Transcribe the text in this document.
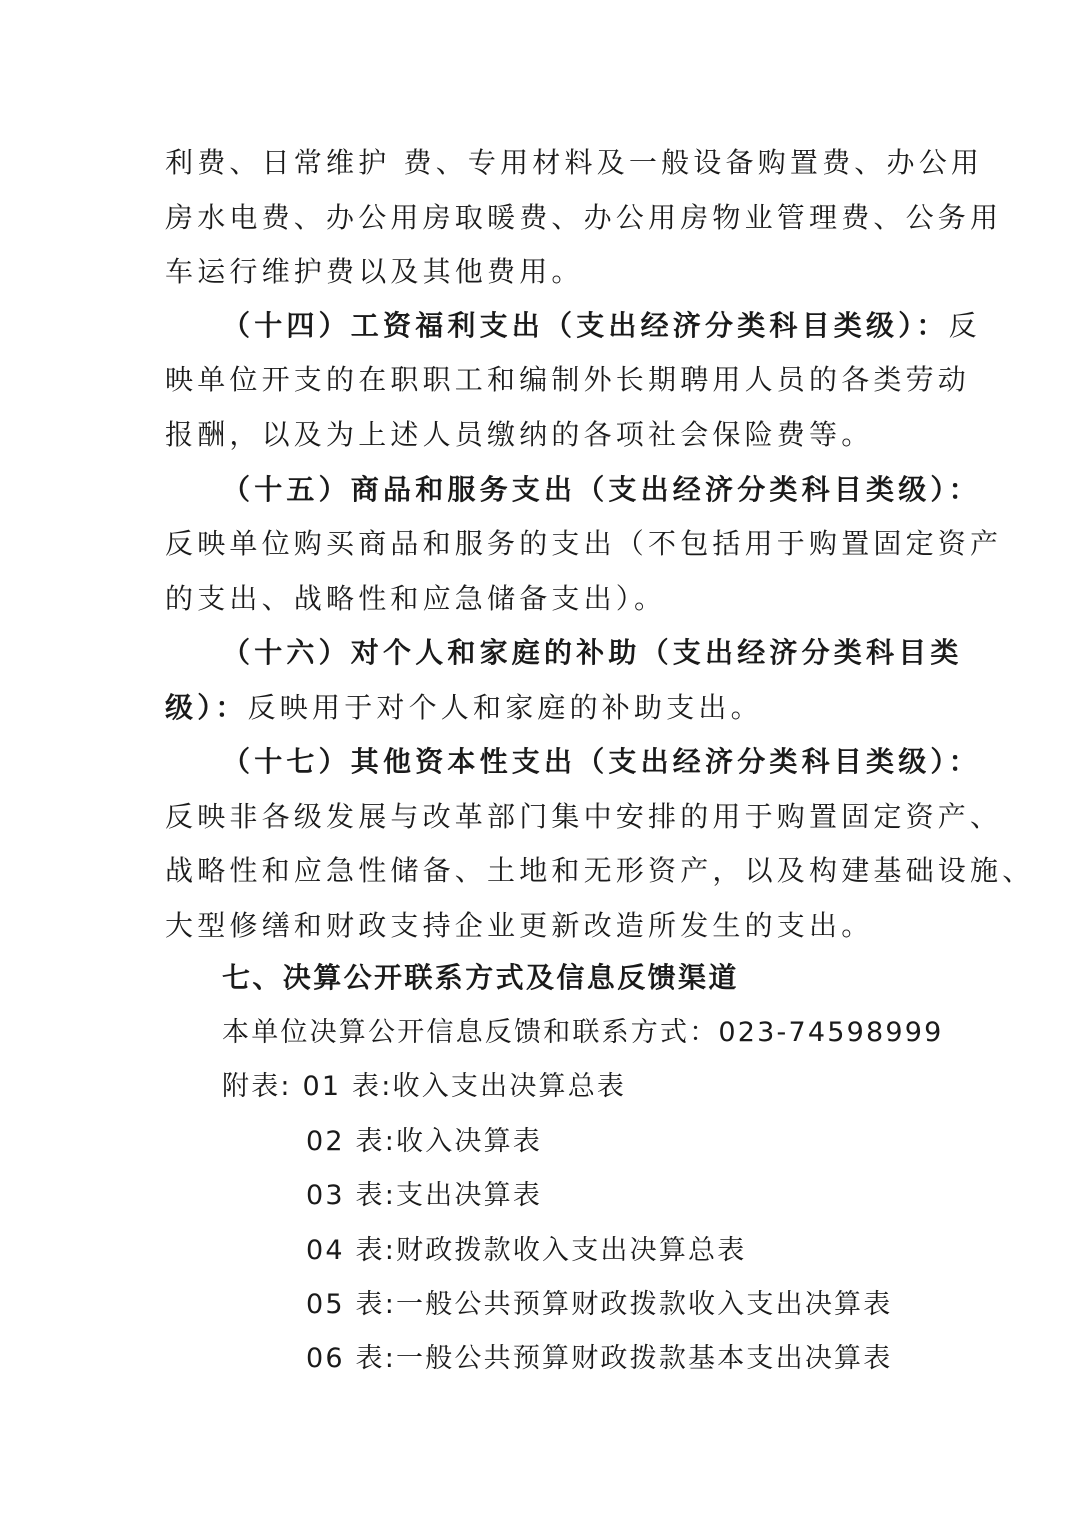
利费、日常维护 费、专用材料及一般设备购置费、办公用
房水电费、办公用房取暖费、办公用房物业管理费、公务用
车运行维护费以及其他费用。
（十四）工资福利支出（支出经济分类科目类级）：反
映单位开支的在职职工和编制外长期聘用人员的各类劳动
报酬，以及为上述人员缴纳的各项社会保险费等。
（十五）商品和服务支出（支出经济分类科目类级）：
反映单位购买商品和服务的支出（不包括用于购置固定资产
的支出、战略性和应急储备支出）。
（十六）对个人和家庭的补助（支出经济分类科目类
级）：反映用于对个人和家庭的补助支出。
（十七）其他资本性支出（支出经济分类科目类级）：
反映非各级发展与改革部门集中安排的用于购置固定资产、
战略性和应急性储备、土地和无形资产，以及构建基础设施、
大型修缮和财政支持企业更新改造所发生的支出。
七、决算公开联系方式及信息反馈渠道
本单位决算公开信息反馈和联系方式：023-74598999
附表: 01 表:收入支出决算总表
02 表:收入决算表
03 表:支出决算表
04 表:财政拨款收入支出决算总表
05 表:一般公共预算财政拨款收入支出决算表
06 表:一般公共预算财政拨款基本支出决算表
